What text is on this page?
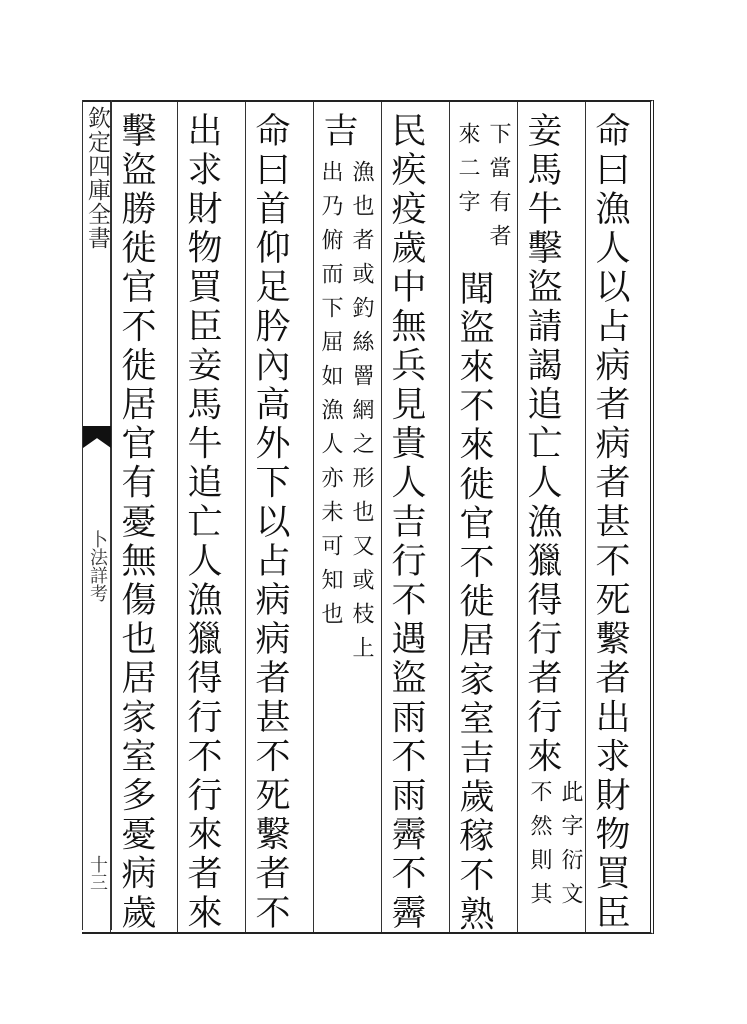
欽定四庫全書
卜法詳考
十三	命曰漁人以占病者病者甚不死繫者出求財物買臣
妾馬牛擊盜請謁追亡人漁獵得行者行來
此字衍文
不然則其
下當有者
來二字
聞盜來不來徙官不徙居家室吉歲稼不熟
民疾疫歲中無兵見貴人吉行不遇盜雨不雨霽不霽
吉
漁也者或釣絲罾網之形也又或枝上
出乃俯而下屈如漁人亦未可知也
命曰首仰足肣內高外下以占病病者甚不死繫者不
出求財物買臣妾馬牛追亡人漁獵得行不行來者來
擊盜勝徙官不徙居官有憂無傷也居家室多憂病歲
